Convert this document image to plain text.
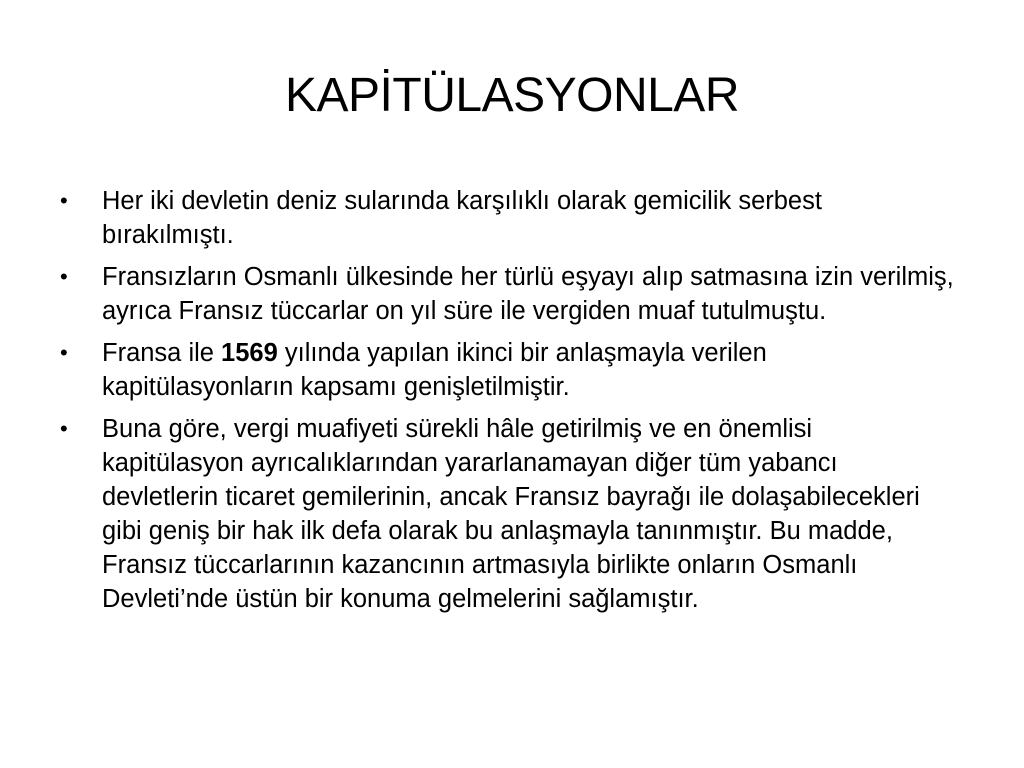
KAPİTÜLASYONLAR
•	Her iki devletin deniz sularında karşılıklı olarak gemicilik serbest bırakılmıştı.
•	Fransızların Osmanlı ülkesinde her türlü eşyayı alıp satmasına izin verilmiş, ayrıca Fransız tüccarlar on yıl süre ile vergiden muaf tutulmuştu.
•	Fransa ile 1569 yılında yapılan ikinci bir anlaşmayla verilen kapitülasyonların kapsamı genişletilmiştir.
•	Buna göre, vergi muafiyeti sürekli hâle getirilmiş ve en önemlisi kapitülasyon ayrıcalıklarından yararlanamayan diğer tüm yabancı devletlerin ticaret gemilerinin, ancak Fransız bayrağı ile dolaşabilecekleri gibi geniş bir hak ilk defa olarak bu anlaşmayla tanınmıştır. Bu madde, Fransız tüccarlarının kazancının artmasıyla birlikte onların Osmanlı Devleti’nde üstün bir konuma gelmelerini sağlamıştır.
